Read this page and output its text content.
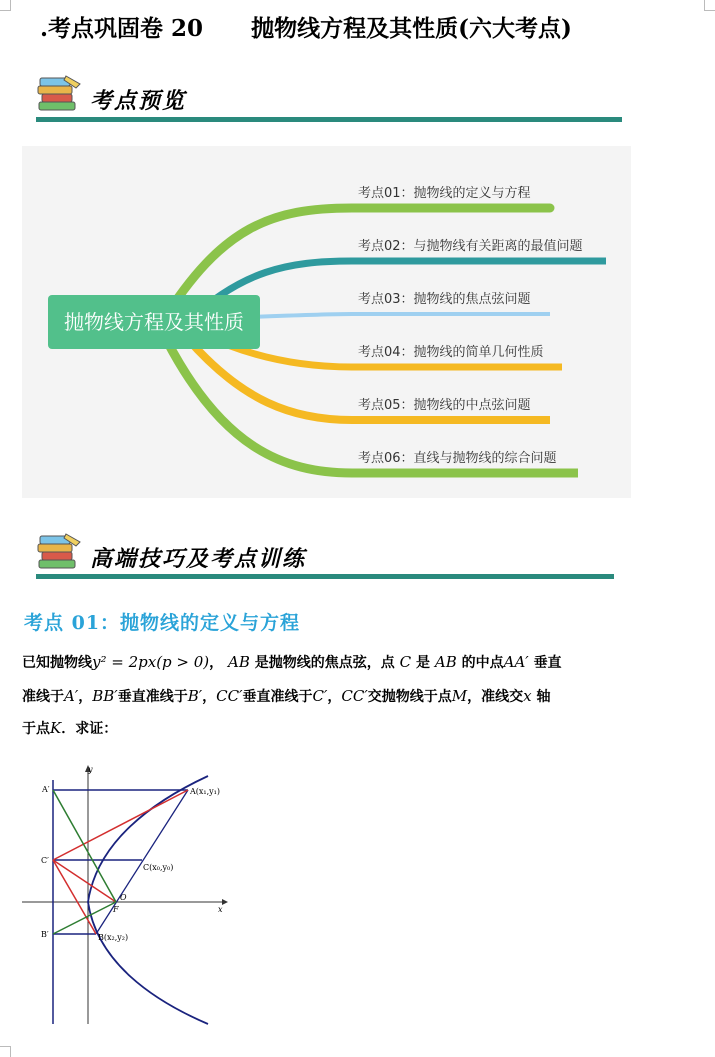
.考点巩固卷 20      抛物线方程及其性质(六大考点)
考点预览
抛物线方程及其性质
考点01：抛物线的定义与方程
考点02：与抛物线有关距离的最值问题
考点03：抛物线的焦点弦问题
考点04：抛物线的简单几何性质
考点05：抛物线的中点弦问题
考点06：直线与抛物线的综合问题
高端技巧及考点训练
考点 01：抛物线的定义与方程
已知抛物线y² = 2px(p > 0)， AB 是抛物线的焦点弦，点 C 是 AB 的中点AA′ 垂直
准线于A′，BB′垂直准线于B′，CC′垂直准线于C′，CC′交抛物线于点M，准线交x 轴
于点K．求证：
y
x
O
F
A(x₁,y₁)
C(x₀,y₀)
B(x₂,y₂)
A′
C′
B′
